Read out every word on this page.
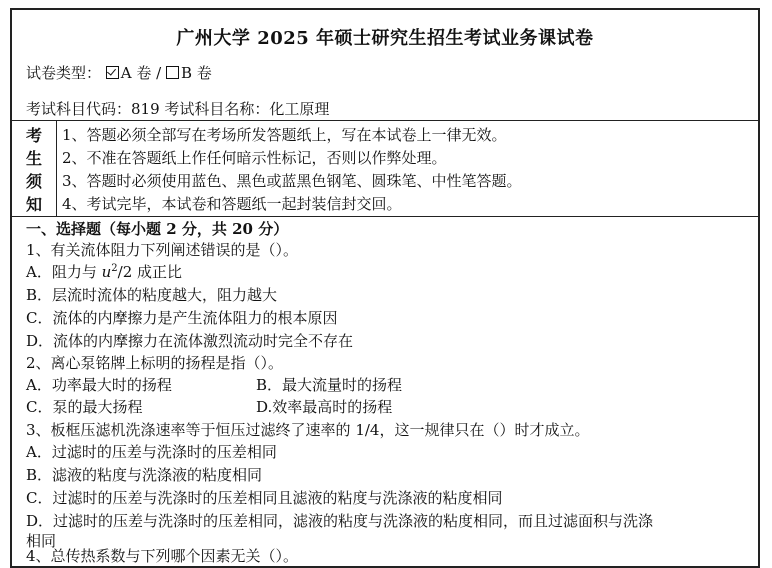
广州大学 2025 年硕士研究生招生考试业务课试卷
试卷类型： A 卷 / B 卷
考试科目代码：819 考试科目名称：化工原理
考
生
须
知
1、答题必须全部写在考场所发答题纸上，写在本试卷上一律无效。
2、不准在答题纸上作任何暗示性标记，否则以作弊处理。
3、答题时必须使用蓝色、黑色或蓝黑色钢笔、圆珠笔、中性笔答题。
4、考试完毕，本试卷和答题纸一起封装信封交回。
一、选择题（每小题 2 分，共 20 分）
1、有关流体阻力下列阐述错误的是（）。
A．阻力与 $u^2/2$ 成正比
B．层流时流体的粘度越大，阻力越大
C．流体的内摩擦力是产生流体阻力的根本原因
D．流体的内摩擦力在流体激烈流动时完全不存在
2、离心泵铭牌上标明的扬程是指（）。
A．功率最大时的扬程	B．最大流量时的扬程
C．泵的最大扬程	D.效率最高时的扬程
3、板框压滤机洗涤速率等于恒压过滤终了速率的 1/4，这一规律只在（）时才成立。
A．过滤时的压差与洗涤时的压差相同
B．滤液的粘度与洗涤液的粘度相同
C．过滤时的压差与洗涤时的压差相同且滤液的粘度与洗涤液的粘度相同
D．过滤时的压差与洗涤时的压差相同，滤液的粘度与洗涤液的粘度相同，而且过滤面积与洗涤
相同
4、总传热系数与下列哪个因素无关（）。
